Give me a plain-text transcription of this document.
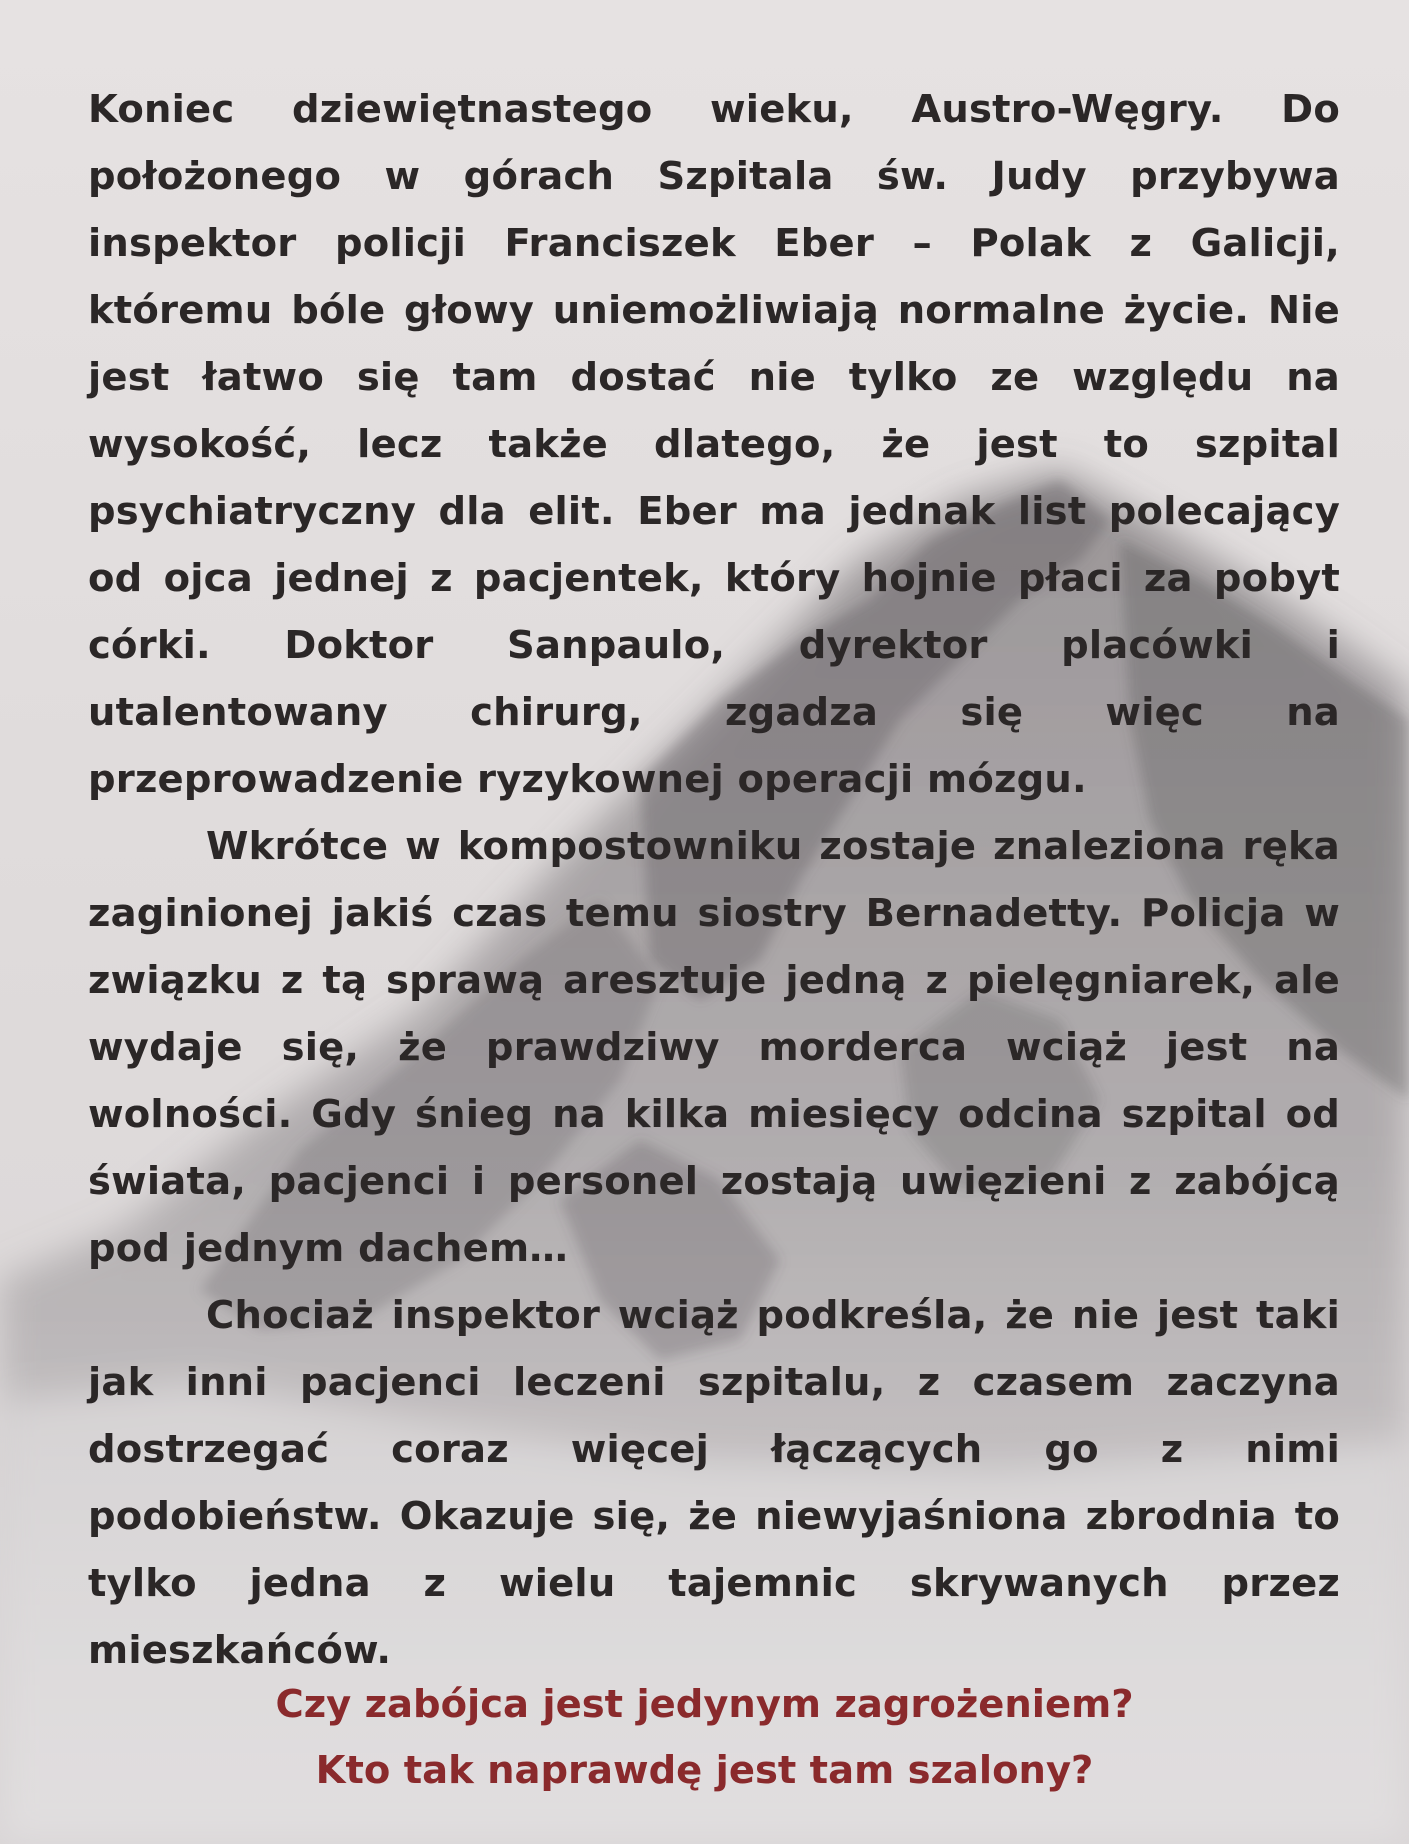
Koniec dziewiętnastego wieku, Austro-Węgry. Do położonego w górach Szpitala św. Judy przybywa inspektor policji Franciszek Eber – Polak z Galicji, któremu bóle głowy uniemożliwiają normalne życie. Nie jest łatwo się tam dostać nie tylko ze względu na wysokość, lecz także dlatego, że jest to szpital psychiatryczny dla elit. Eber ma jednak list polecający od ojca jednej z pacjentek, który hojnie płaci za pobyt córki. Doktor Sanpaulo, dyrektor placówki i utalentowany chirurg, zgadza się więc na przeprowadzenie ryzykownej operacji mózgu.

Wkrótce w kompostowniku zostaje znaleziona ręka zaginionej jakiś czas temu siostry Bernadetty. Policja w związku z tą sprawą aresztuje jedną z pielęgniarek, ale wydaje się, że prawdziwy morderca wciąż jest na wolności. Gdy śnieg na kilka miesięcy odcina szpital od świata, pacjenci i personel zostają uwięzieni z zabójcą pod jednym dachem…

Chociaż inspektor wciąż podkreśla, że nie jest taki jak inni pacjenci leczeni szpitalu, z czasem zaczyna dostrzegać coraz więcej łączących go z nimi podobieństw. Okazuje się, że niewyjaśniona zbrodnia to tylko jedna z wielu tajemnic skrywanych przez mieszkańców.

Czy zabójca jest jedynym zagrożeniem?
Kto tak naprawdę jest tam szalony?
